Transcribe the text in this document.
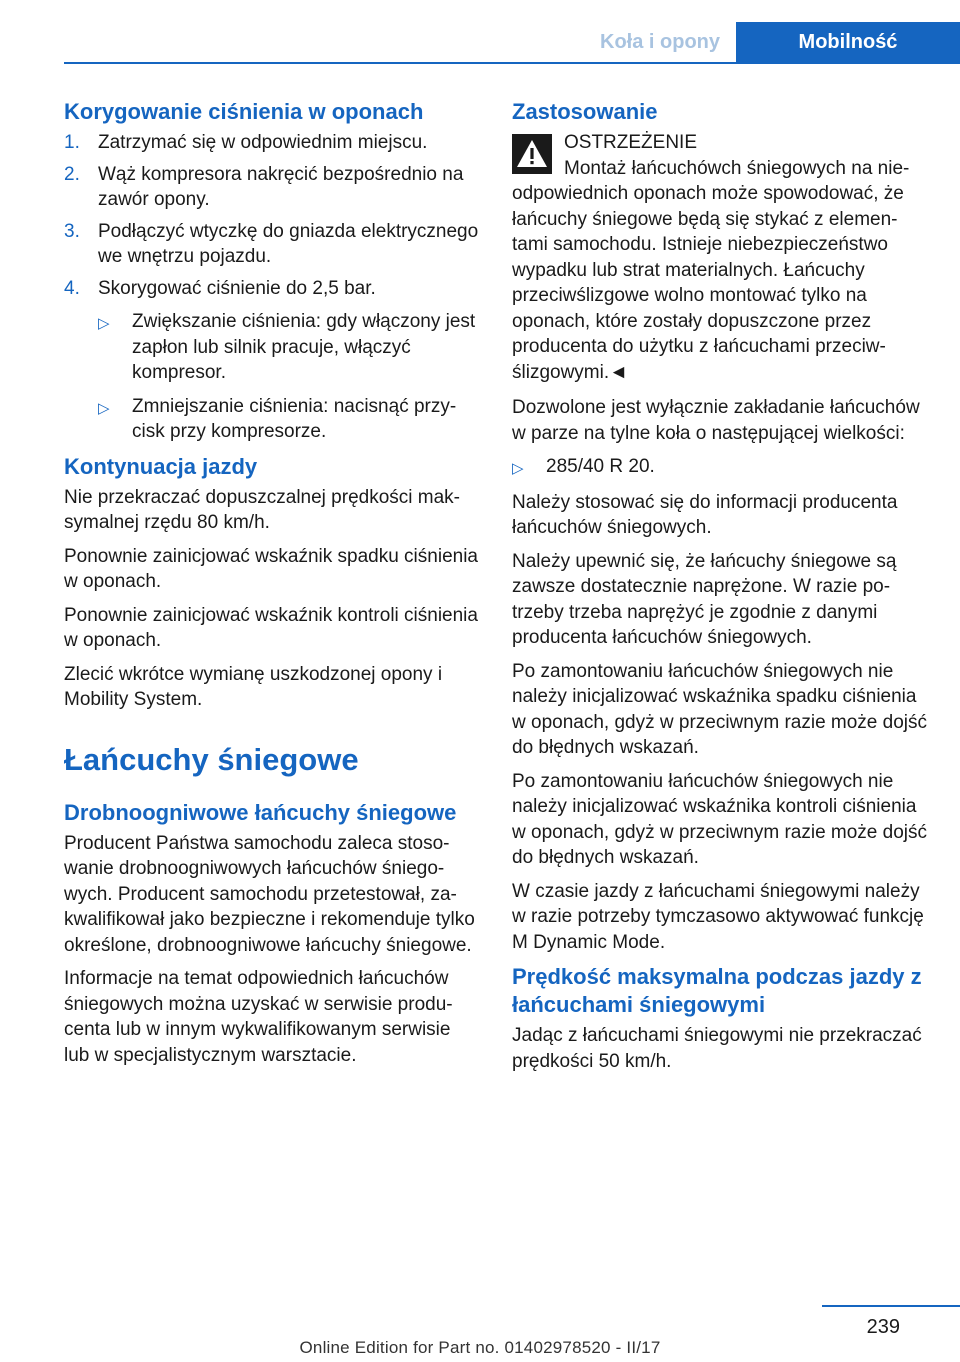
Koła i opony	Mobilność
Korygowanie ciśnienia w oponach
1. Zatrzymać się w odpowiednim miejscu.
2. Wąż kompresora nakręcić bezpośrednio na zawór opony.
3. Podłączyć wtyczkę do gniazda elektrycznego we wnętrzu pojazdu.
4. Skorygować ciśnienie do 2,5 bar.
▷	Zwiększanie ciśnienia: gdy włączony jest zapłon lub silnik pracuje, włączyć kompresor.
▷	Zmniejszanie ciśnienia: nacisnąć przycisk przy kompresorze.
Kontynuacja jazdy

Nie przekraczać dopuszczalnej prędkości maksymalnej rzędu 80 km/h.

Ponownie zainicjować wskaźnik spadku ciśnienia w oponach.

Ponownie zainicjować wskaźnik kontroli ciśnienia w oponach.

Zlecić wkrótce wymianę uszkodzonej opony i Mobility System.

Łańcuchy śniegowe
Drobnoogniwowe łańcuchy śniegowe

Producent Państwa samochodu zaleca stosowanie drobnoogniwowych łańcuchów śniegowych. Producent samochodu przetestował, zakwalifikował jako bezpieczne i rekomenduje tylko określone, drobnoogniwowe łańcuchy śniegowe.

Informacje na temat odpowiednich łańcuchów śniegowych można uzyskać w serwisie producenta lub w innym wykwalifikowanym serwisie lub w specjalistycznym warsztacie.

Zastosowanie
OSTRZEŻENIE
Montaż łańcuchówch śniegowych na nieodpowiednich oponach może spowodować, że łańcuchy śniegowe będą się stykać z elementami samochodu. Istnieje niebezpieczeństwo wypadku lub strat materialnych. Łańcuchy przeciwślizgowe wolno montować tylko na oponach, które zostały dopuszczone przez producenta do użytku z łańcuchami przeciwślizgowymi.◄

Dozwolone jest wyłącznie zakładanie łańcuchów w parze na tylne koła o następującej wielkości:

▷	285/40 R 20.

Należy stosować się do informacji producenta łańcuchów śniegowych.

Należy upewnić się, że łańcuchy śniegowe są zawsze dostatecznie naprężone. W razie potrzeby trzeba naprężyć je zgodnie z danymi producenta łańcuchów śniegowych.

Po zamontowaniu łańcuchów śniegowych nie należy inicjalizować wskaźnika spadku ciśnienia w oponach, gdyż w przeciwnym razie może dojść do błędnych wskazań.

Po zamontowaniu łańcuchów śniegowych nie należy inicjalizować wskaźnika kontroli ciśnienia w oponach, gdyż w przeciwnym razie może dojść do błędnych wskazań.

W czasie jazdy z łańcuchami śniegowymi należy w razie potrzeby tymczasowo aktywować funkcję M Dynamic Mode.

Prędkość maksymalna podczas jazdy z łańcuchami śniegowymi

Jadąc z łańcuchami śniegowymi nie przekraczać prędkości 50 km/h.

239
Online Edition for Part no. 01402978520 - II/17
